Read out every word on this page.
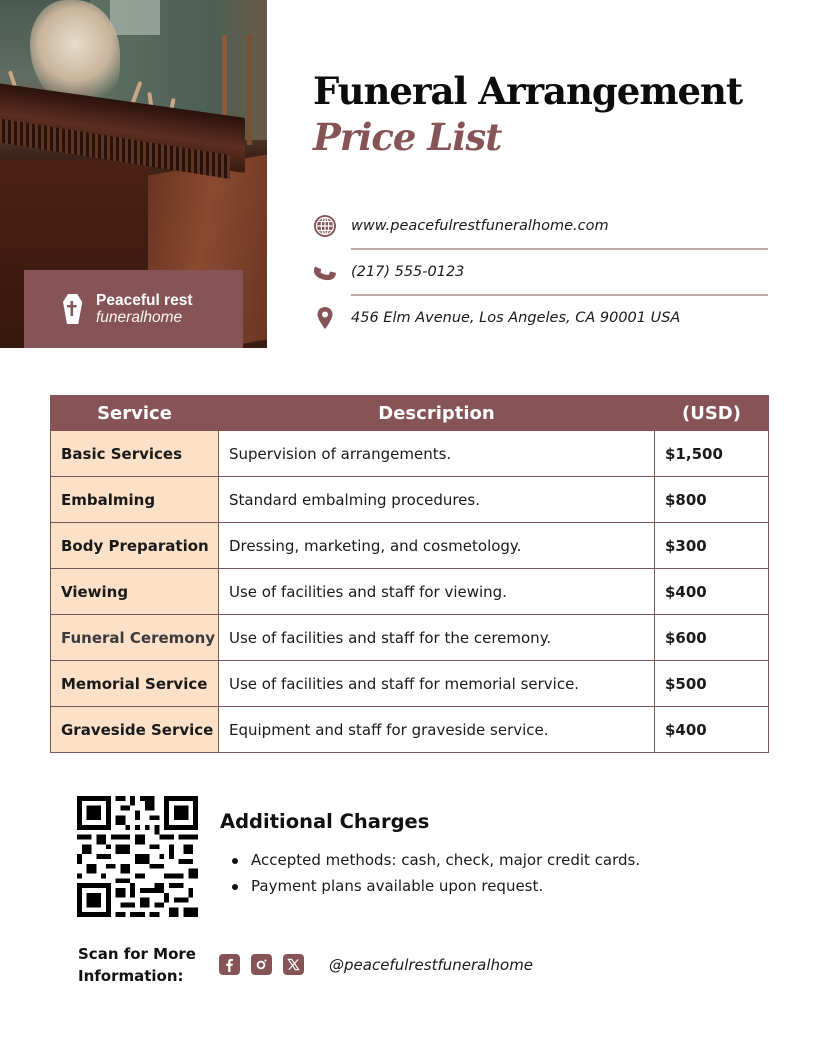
Peaceful rest
funeralhome
Funeral Arrangement
Price List
www.peacefulrestfuneralhome.com
(217) 555-0123
456 Elm Avenue, Los Angeles, CA 90001 USA
Service	Description	(USD)
Basic Services	Supervision of arrangements.	$1,500
Embalming	Standard embalming procedures.	$800
Body Preparation	Dressing, marketing, and cosmetology.	$300
Viewing	Use of facilities and staff for viewing.	$400
Funeral Ceremony	Use of facilities and staff for the ceremony.	$600
Memorial Service	Use of facilities and staff for memorial service.	$500
Graveside Service	Equipment and staff for graveside service.	$400
Scan for More
Information:
Additional Charges
Accepted methods: cash, check, major credit cards.
Payment plans available upon request.
@peacefulrestfuneralhome
